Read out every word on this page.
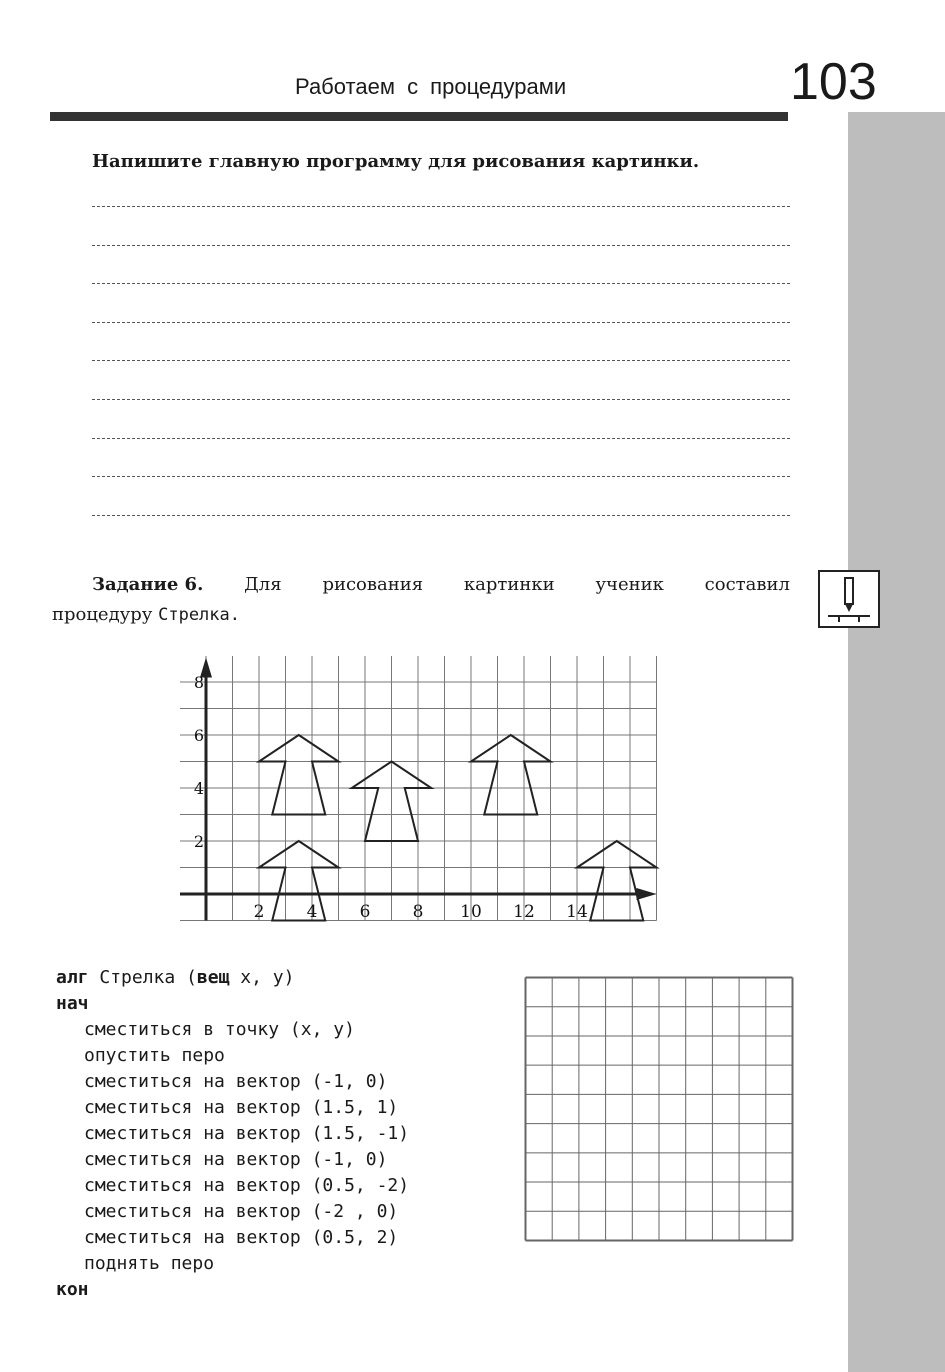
Работаем с процедурами	103
Напишите главную программу для рисования картинки.
Задание 6. Для рисования картинки ученик составил
процедуру Стрелка.
2 4 6 8 10 12 14
2
4
6
8
алг Стрелка (вещ x, y)
нач
сместиться в точку (x, y)
опустить перо
сместиться на вектор (-1, 0)
сместиться на вектор (1.5, 1)
сместиться на вектор (1.5, -1)
сместиться на вектор (-1, 0)
сместиться на вектор (0.5, -2)
сместиться на вектор (-2 , 0)
сместиться на вектор (0.5, 2)
поднять перо
кон
